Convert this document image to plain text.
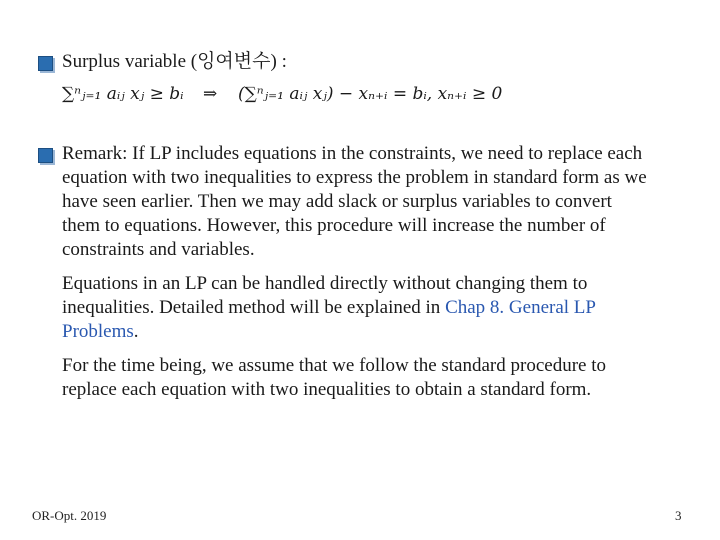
Surplus variable (잉여변수) :
∑ⁿⱼ₌₁ aᵢⱼ xⱼ ≥ bᵢ ⇒ (∑ⁿⱼ₌₁ aᵢⱼ xⱼ) − xₙ₊ᵢ = bᵢ, xₙ₊ᵢ ≥ 0
Remark: If LP includes equations in the constraints, we need to replace each
equation with two inequalities to express the problem in standard form as we
have seen earlier. Then we may add slack or surplus variables to convert
them to equations. However, this procedure will increase the number of
constraints and variables.
Equations in an LP can be handled directly without changing them to
inequalities. Detailed method will be explained in Chap 8. General LP
Problems.
For the time being, we assume that we follow the standard procedure to
replace each equation with two inequalities to obtain a standard form.
OR-Opt. 2019	3
